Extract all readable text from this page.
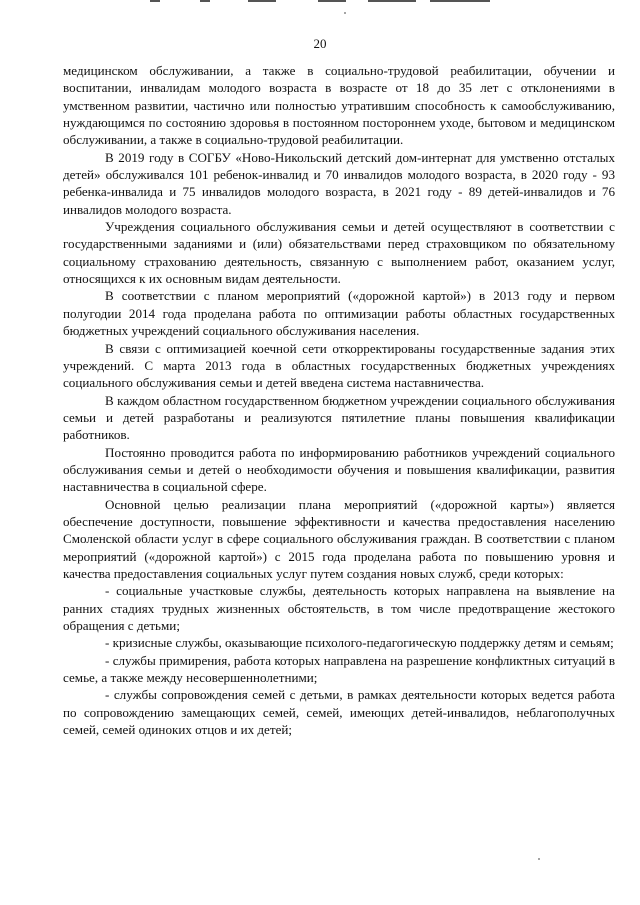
20

медицинском обслуживании, а также в социально-трудовой реабилитации, обучении и воспитании, инвалидам молодого возраста в возрасте от 18 до 35 лет с отклонениями в умственном развитии, частично или полностью утратившим способность к самообслуживанию, нуждающимся по состоянию здоровья в постоянном постороннем уходе, бытовом и медицинском обслуживании, а также в социально-трудовой реабилитации.

В 2019 году в СОГБУ «Ново-Никольский детский дом-интернат для умственно отсталых детей» обслуживался 101 ребенок-инвалид и 70 инвалидов молодого возраста, в 2020 году - 93 ребенка-инвалида и 75 инвалидов молодого возраста, в 2021 году - 89 детей-инвалидов и 76 инвалидов молодого возраста.

Учреждения социального обслуживания семьи и детей осуществляют в соответствии с государственными заданиями и (или) обязательствами перед страховщиком по обязательному социальному страхованию деятельность, связанную с выполнением работ, оказанием услуг, относящихся к их основным видам деятельности.

В соответствии с планом мероприятий («дорожной картой») в 2013 году и первом полугодии 2014 года проделана работа по оптимизации работы областных государственных бюджетных учреждений социального обслуживания населения.

В связи с оптимизацией коечной сети откорректированы государственные задания этих учреждений. С марта 2013 года в областных государственных бюджетных учреждениях социального обслуживания семьи и детей введена система наставничества.

В каждом областном государственном бюджетном учреждении социального обслуживания семьи и детей разработаны и реализуются пятилетние планы повышения квалификации работников.

Постоянно проводится работа по информированию работников учреждений социального обслуживания семьи и детей о необходимости обучения и повышения квалификации, развития наставничества в социальной сфере.

Основной целью реализации плана мероприятий («дорожной карты») является обеспечение доступности, повышение эффективности и качества предоставления населению Смоленской области услуг в сфере социального обслуживания граждан. В соответствии с планом мероприятий («дорожной картой») с 2015 года проделана работа по повышению уровня и качества предоставления социальных услуг путем создания новых служб, среди которых:

- социальные участковые службы, деятельность которых направлена на выявление на ранних стадиях трудных жизненных обстоятельств, в том числе предотвращение жестокого обращения с детьми;

- кризисные службы, оказывающие психолого-педагогическую поддержку детям и семьям;

- службы примирения, работа которых направлена на разрешение конфликтных ситуаций в семье, а также между несовершеннолетними;

- службы сопровождения семей с детьми, в рамках деятельности которых ведется работа по сопровождению замещающих семей, семей, имеющих детей-инвалидов, неблагополучных семей, семей одиноких отцов и их детей;
